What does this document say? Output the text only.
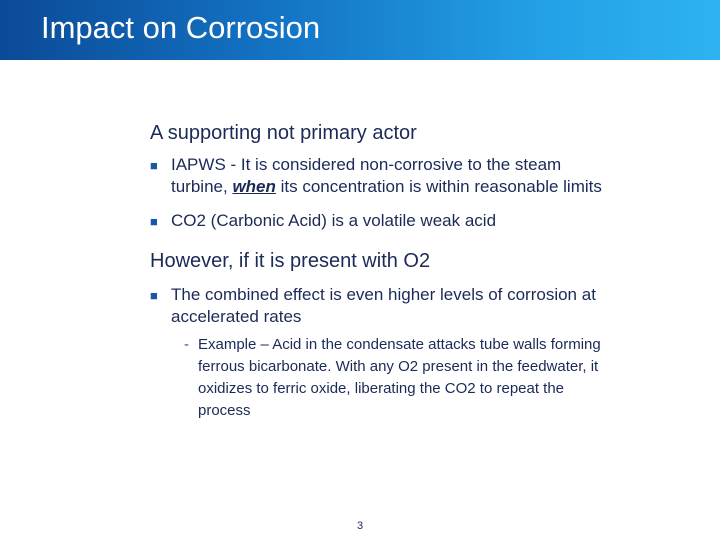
Impact on Corrosion
A supporting not primary actor
■ IAPWS - It is considered non-corrosive to the steam turbine, when its concentration is within reasonable limits
■ CO2 (Carbonic Acid) is a volatile weak acid
However, if it is present with O2
■ The combined effect is even higher levels of corrosion at accelerated rates
- Example – Acid in the condensate attacks tube walls forming ferrous bicarbonate. With any O2 present in the feedwater, it oxidizes to ferric oxide, liberating the CO2 to repeat the process
3
